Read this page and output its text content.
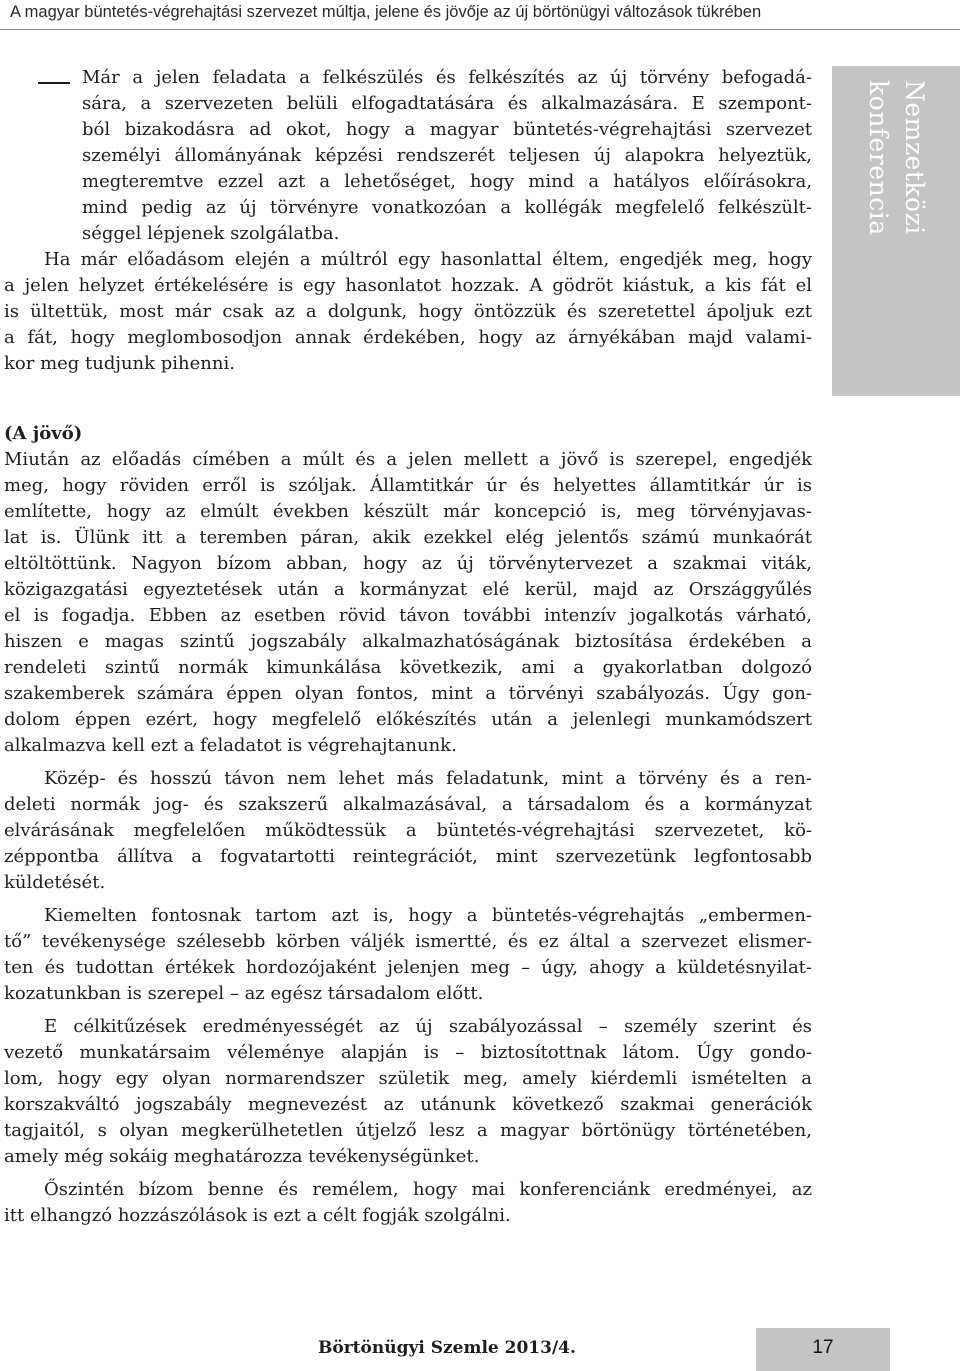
A magyar büntetés-végrehajtási szervezet múltja, jelene és jövője az új börtönügyi változások tükrében

Már a jelen feladata a felkészülés és felkészítés az új törvény befogadá-

sára, a szervezeten belüli elfogadtatására és alkalmazására. E szempont-

ból bizakodásra ad okot, hogy a magyar büntetés-végrehajtási szervezet

személyi állományának képzési rendszerét teljesen új alapokra helyeztük,

megteremtve ezzel azt a lehetőséget, hogy mind a hatályos előírásokra,

mind pedig az új törvényre vonatkozóan a kollégák megfelelő felkészült-

séggel lépjenek szolgálatba.

Ha már előadásom elején a múltról egy hasonlattal éltem, engedjék meg, hogy

a jelen helyzet értékelésére is egy hasonlatot hozzak. A gödröt kiástuk, a kis fát el

is ültettük, most már csak az a dolgunk, hogy öntözzük és szeretettel ápoljuk ezt

a fát, hogy meglombosodjon annak érdekében, hogy az árnyékában majd valami-

kor meg tudjunk pihenni.

(A jövő)

Miután az előadás címében a múlt és a jelen mellett a jövő is szerepel, engedjék

meg, hogy röviden erről is szóljak. Államtitkár úr és helyettes államtitkár úr is

említette, hogy az elmúlt években készült már koncepció is, meg törvényjavas-

lat is. Ülünk itt a teremben páran, akik ezekkel elég jelentős számú munkaórát

eltöltöttünk. Nagyon bízom abban, hogy az új törvénytervezet a szakmai viták,

közigazgatási egyeztetések után a kormányzat elé kerül, majd az Országgyűlés

el is fogadja. Ebben az esetben rövid távon további intenzív jogalkotás várható,

hiszen e magas szintű jogszabály alkalmazhatóságának biztosítása érdekében a

rendeleti szintű normák kimunkálása következik, ami a gyakorlatban dolgozó

szakemberek számára éppen olyan fontos, mint a törvényi szabályozás. Úgy gon-

dolom éppen ezért, hogy megfelelő előkészítés után a jelenlegi munkamódszert

alkalmazva kell ezt a feladatot is végrehajtanunk.

Közép- és hosszú távon nem lehet más feladatunk, mint a törvény és a ren-

deleti normák jog- és szakszerű alkalmazásával, a társadalom és a kormányzat

elvárásának megfelelően működtessük a büntetés-végrehajtási szervezetet, kö-

zéppontba állítva a fogvatartotti reintegrációt, mint szervezetünk legfontosabb

küldetését.

Kiemelten fontosnak tartom azt is, hogy a büntetés-végrehajtás „embermen-

tő” tevékenysége szélesebb körben váljék ismertté, és ez által a szervezet elismer-

ten és tudottan értékek hordozójaként jelenjen meg – úgy, ahogy a küldetésnyilat-

kozatunkban is szerepel – az egész társadalom előtt.

E célkitűzések eredményességét az új szabályozással – személy szerint és

vezető munkatársaim véleménye alapján is – biztosítottnak látom. Úgy gondo-

lom, hogy egy olyan normarendszer születik meg, amely kiérdemli ismételten a

korszakváltó jogszabály megnevezést az utánunk következő szakmai generációk

tagjaitól, s olyan megkerülhetetlen útjelző lesz a magyar börtönügy történetében,

amely még sokáig meghatározza tevékenységünket.

Őszintén bízom benne és remélem, hogy mai konferenciánk eredményei, az

itt elhangzó hozzászólások is ezt a célt fogják szolgálni.

Nemzetközi
konferencia
Börtönügyi Szemle 2013/4.	17
